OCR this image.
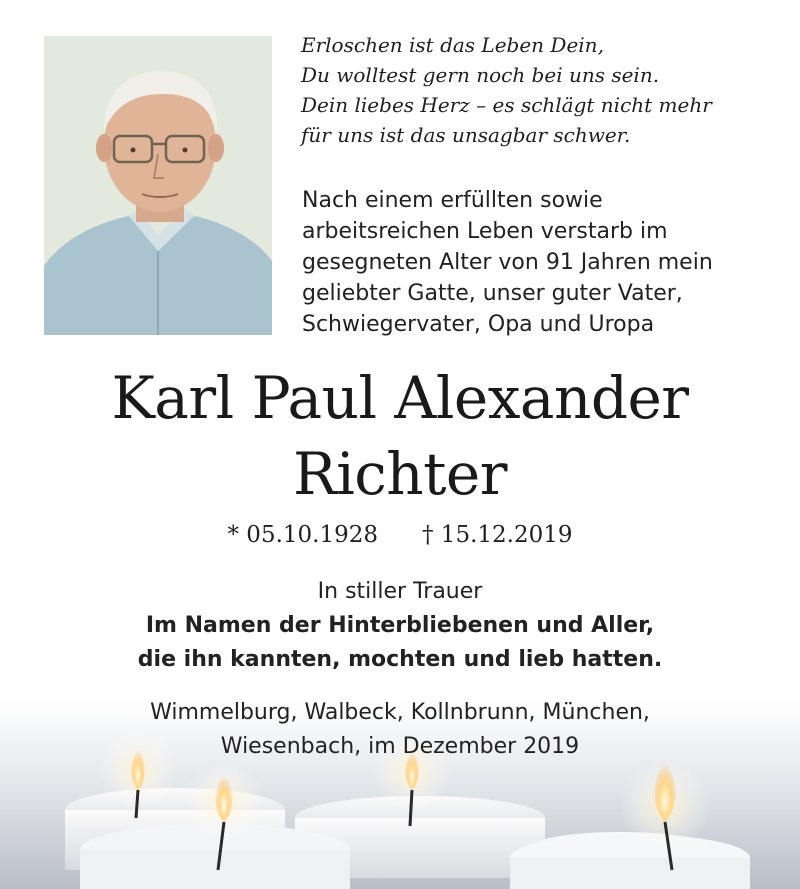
Erloschen ist das Leben Dein,
Du wolltest gern noch bei uns sein.
Dein liebes Herz – es schlägt nicht mehr
für uns ist das unsagbar schwer.
Nach einem erfüllten sowie
arbeitsreichen Leben verstarb im
gesegneten Alter von 91 Jahren mein
geliebter Gatte, unser guter Vater,
Schwiegervater, Opa und Uropa
Karl Paul Alexander
Richter
* 05.10.1928 † 15.12.2019
In stiller Trauer
Im Namen der Hinterbliebenen und Aller,
die ihn kannten, mochten und lieb hatten.
Wimmelburg, Walbeck, Kollnbrunn, München,
Wiesenbach, im Dezember 2019
